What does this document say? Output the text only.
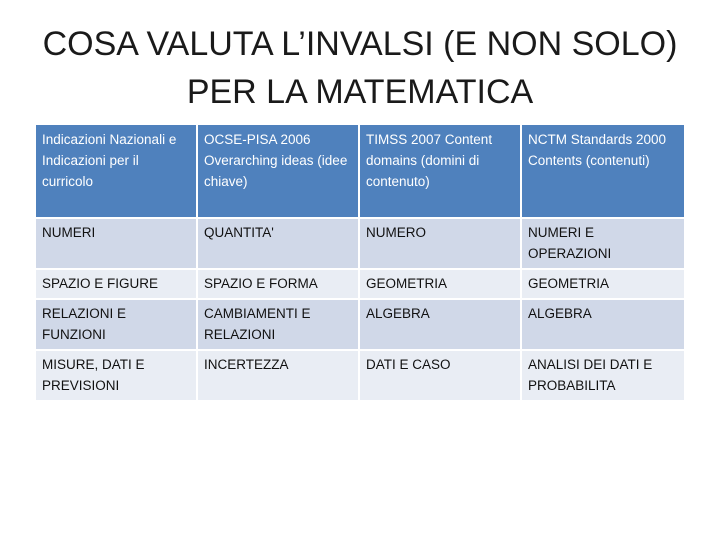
COSA VALUTA L’INVALSI (E NON SOLO)
PER LA MATEMATICA
Indicazioni Nazionali e Indicazioni per il curricolo	OCSE-PISA 2006 Overarching ideas (idee chiave)	TIMSS 2007 Content domains (domini di contenuto)	NCTM Standards 2000 Contents (contenuti)
NUMERI	QUANTITA'	NUMERO	NUMERI E OPERAZIONI
SPAZIO E FIGURE	SPAZIO E FORMA	GEOMETRIA	GEOMETRIA
RELAZIONI E FUNZIONI	CAMBIAMENTI E RELAZIONI	ALGEBRA	ALGEBRA
MISURE, DATI E PREVISIONI	INCERTEZZA	DATI E CASO	ANALISI DEI DATI E PROBABILITA
